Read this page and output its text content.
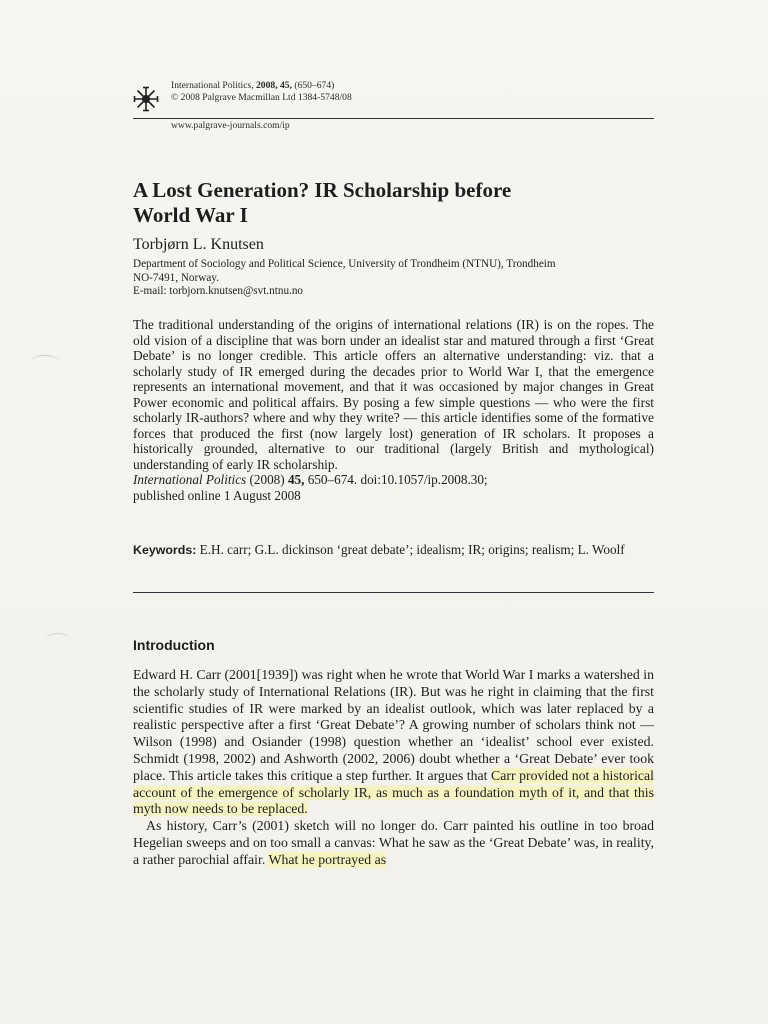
International Politics, 2008, 45, (650–674)
© 2008 Palgrave Macmillan Ltd 1384-5748/08
www.palgrave-journals.com/ip
A Lost Generation? IR Scholarship before
World War I
Torbjørn L. Knutsen
Department of Sociology and Political Science, University of Trondheim (NTNU), Trondheim
NO-7491, Norway.
E-mail: torbjorn.knutsen@svt.ntnu.no

The traditional understanding of the origins of international relations (IR) is on the ropes. The old vision of a discipline that was born under an idealist star and matured through a first ‘Great Debate’ is no longer credible. This article offers an alternative understanding: viz. that a scholarly study of IR emerged during the decades prior to World War I, that the emergence represents an international movement, and that it was occasioned by major changes in Great Power economic and political affairs. By posing a few simple questions — who were the first scholarly IR-authors? where and why they write? — this article identifies some of the formative forces that produced the first (now largely lost) generation of IR scholars. It proposes a historically grounded, alternative to our traditional (largely British and mythological) understanding of early IR scholarship.

International Politics (2008) 45, 650–674. doi:10.1057/ip.2008.30;
published online 1 August 2008
Keywords: E.H. carr; G.L. dickinson ‘great debate’; idealism; IR; origins; realism; L. Woolf
Introduction

Edward H. Carr (2001[1939]) was right when he wrote that World War I marks a watershed in the scholarly study of International Relations (IR). But was he right in claiming that the first scientific studies of IR were marked by an idealist outlook, which was later replaced by a realistic perspective after a first ‘Great Debate’? A growing number of scholars think not — Wilson (1998) and Osiander (1998) question whether an ‘idealist’ school ever existed. Schmidt (1998, 2002) and Ashworth (2002, 2006) doubt whether a ‘Great Debate’ ever took place. This article takes this critique a step further. It argues that Carr provided not a historical account of the emergence of scholarly IR, as much as a foundation myth of it, and that this myth now needs to be replaced.

As history, Carr’s (2001) sketch will no longer do. Carr painted his outline in too broad Hegelian sweeps and on too small a canvas: What he saw as the ‘Great Debate’ was, in reality, a rather parochial affair. What he portrayed as
